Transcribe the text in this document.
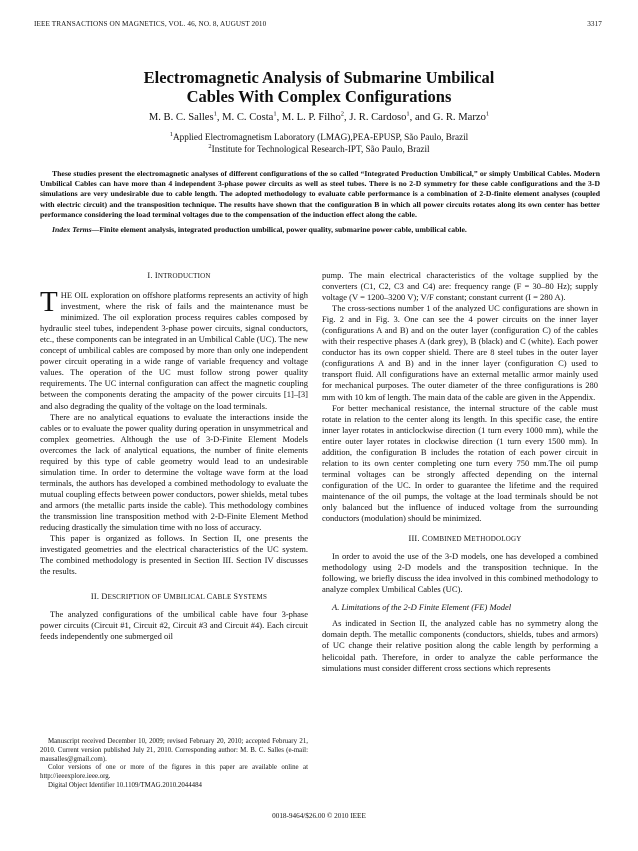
IEEE TRANSACTIONS ON MAGNETICS, VOL. 46, NO. 8, AUGUST 2010	3317
Electromagnetic Analysis of Submarine Umbilical
Cables With Complex Configurations
M. B. C. Salles$^1$, M. C. Costa$^1$, M. L. P. Filho$^2$, J. R. Cardoso$^1$, and G. R. Marzo$^1$
$^1$Applied Electromagnetism Laboratory (LMAG),PEA-EPUSP, São Paulo, Brazil
$^2$Institute for Technological Research-IPT, São Paulo, Brazil

These studies present the electromagnetic analyses of different configurations of the so called “Integrated Production Umbilical,” or simply Umbilical Cables. Modern Umbilical Cables can have more than 4 independent 3-phase power circuits as well as steel tubes. There is no 2-D symmetry for these cable configurations and the 3-D simulations are very undesirable due to cable length. The adopted methodology to evaluate cable performance is a combination of 2-D-finite element analyses (coupled with electric circuit) and the transposition technique. The results have shown that the configuration B in which all power circuits rotates along its own center has better performance considering the load terminal voltages due to the compensation of the induction effect along the cable.

Index Terms—Finite element analysis, integrated production umbilical, power quality, submarine power cable, umbilical cable.

I. INTRODUCTION

THE OIL exploration on offshore platforms represents an activity of high investment, where the risk of fails and the maintenance must be minimized. The oil exploration process requires cables composed by hydraulic steel tubes, independent 3-phase power circuits, signal conductors, etc., these components can be integrated in an Umbilical Cable (UC). The new concept of umbilical cables are composed by more than only one independent power circuit operating in a wide range of variable frequency and voltage values. The operation of the UC must follow strong power quality requirements. The UC internal configuration can affect the magnetic coupling between the components derating the ampacity of the power circuits [1]–[3] and also degrading the quality of the voltage on the load terminals.

There are no analytical equations to evaluate the interactions inside the cables or to evaluate the power quality during operation in unsymmetrical and complex geometries. Although the use of 3-D-Finite Element Models overcomes the lack of analytical equations, the number of finite elements required by this type of cable geometry would lead to an undesirable simulation time. In order to determine the voltage wave form at the load terminals, the authors has developed a combined methodology to evaluate the mutual coupling effects between power conductors, power shields, metal tubes and armors (the metallic parts inside the cable). This methodology combines the transmission line transposition method with 2-D-Finite Element Method reducing drastically the simulation time with no loss of accuracy.

This paper is organized as follows. In Section II, one presents the investigated geometries and the electrical characteristics of the UC system. The combined methodology is presented in Section III. Section IV discusses the results.

II. DESCRIPTION OF UMBILICAL CABLE SYSTEMS

The analyzed configurations of the umbilical cable have four 3-phase power circuits (Circuit #1, Circuit #2, Circuit #3 and Circuit #4). Each circuit feeds independently one submerged oil

Manuscript received December 10, 2009; revised February 20, 2010; accepted February 21, 2010. Current version published July 21, 2010. Corresponding author: M. B. C. Salles (e-mail: mausalles@gmail.com).

Color versions of one or more of the figures in this paper are available online at http://ieeexplore.ieee.org.

Digital Object Identifier 10.1109/TMAG.2010.2044484

pump. The main electrical characteristics of the voltage supplied by the converters (C1, C2, C3 and C4) are: frequency range (F = 30–80 Hz); supply voltage (V = 1200–3200 V); V/F constant; constant current (I = 280 A).

The cross-sections number 1 of the analyzed UC configurations are shown in Fig. 2 and in Fig. 3. One can see the 4 power circuits on the inner layer (configurations A and B) and on the outer layer (configuration C) of the cables with their respective phases A (dark grey), B (black) and C (white). Each power conductor has its own copper shield. There are 8 steel tubes in the outer layer (configurations A and B) and in the inner layer (configuration C) used to transport fluid. All configurations have an external metallic armor mainly used for mechanical purposes. The outer diameter of the three configurations is 280 mm with 10 km of length. The main data of the cable are given in the Appendix.

For better mechanical resistance, the internal structure of the cable must rotate in relation to the center along its length. In this specific case, the entire inner layer rotates in anticlockwise direction (1 turn every 1000 mm), while the entire outer layer rotates in clockwise direction (1 turn every 1500 mm). In addition, the configuration B includes the rotation of each power circuit in relation to its own center completing one turn every 750 mm.The oil pump terminal voltages can be strongly affected depending on the internal configuration of the UC. In order to guarantee the lifetime and the required maintenance of the oil pumps, the voltage at the load terminals should be not only balanced but the influence of induced voltage from the surrounding conductors (modulation) should be minimized.

III. COMBINED METHODOLOGY

In order to avoid the use of the 3-D models, one has developed a combined methodology using 2-D models and the transposition technique. In the following, we briefly discuss the idea involved in this combined methodology to analyze complex Umbilical Cables (UC).

A. Limitations of the 2-D Finite Element (FE) Model

As indicated in Section II, the analyzed cable has no symmetry along the domain depth. The metallic components (conductors, shields, tubes and armors) of UC change their relative position along the cable length by performing a helicoidal path. Therefore, in order to analyze the cable performance the simulations must consider different cross sections which represents

0018-9464/$26.00 © 2010 IEEE
